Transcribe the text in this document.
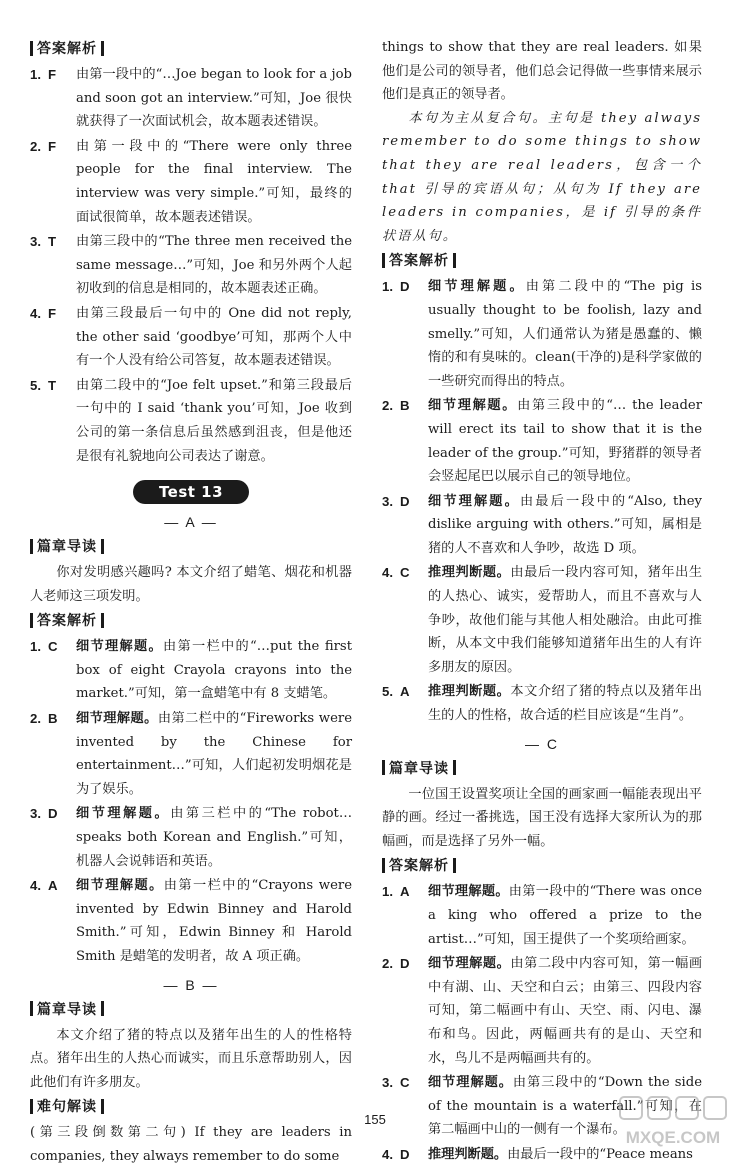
答案解析
1. F	由第一段中的“…Joe began to look for a job and soon got an interview.”可知，Joe 很快就获得了一次面试机会，故本题表述错误。
2. F	由第一段中的“There were only three people for the final interview. The interview was very simple.”可知，最终的面试很简单，故本题表述错误。
3. T	由第三段中的“The three men received the same message…”可知，Joe 和另外两个人起初收到的信息是相同的，故本题表述正确。
4. F	由第三段最后一句中的 One did not reply, the other said ‘goodbye’可知，那两个人中有一个人没有给公司答复，故本题表述错误。
5. T	由第二段中的“Joe felt upset.”和第三段最后一句中的 I said ‘thank you’可知，Joe 收到公司的第一条信息后虽然感到沮丧，但是他还是很有礼貌地向公司表达了谢意。
Test 13
— A —
篇章导读

你对发明感兴趣吗? 本文介绍了蜡笔、烟花和机器人老师这三项发明。

答案解析
1. C	细节理解题。由第一栏中的“…put the first box of eight Crayola crayons into the market.”可知，第一盒蜡笔中有 8 支蜡笔。
2. B	细节理解题。由第二栏中的“Fireworks were invented by the Chinese for entertainment…”可知，人们起初发明烟花是为了娱乐。
3. D	细节理解题。由第三栏中的“The robot… speaks both Korean and English.”可知，机器人会说韩语和英语。
4. A	细节理解题。由第一栏中的“Crayons were invented by Edwin Binney and Harold Smith.”可知，Edwin Binney 和 Harold Smith 是蜡笔的发明者，故 A 项正确。
— B —
篇章导读

本文介绍了猪的特点以及猪年出生的人的性格特点。猪年出生的人热心而诚实，而且乐意帮助别人，因此他们有许多朋友。

难句解读

(第三段倒数第二句) If they are leaders in companies, they always remember to do some

things to show that they are real leaders. 如果他们是公司的领导者，他们总会记得做一些事情来展示他们是真正的领导者。

本句为主从复合句。主句是 they always remember to do some things to show that they are real leaders，包含一个 that 引导的宾语从句；从句为 If they are leaders in companies，是 if 引导的条件状语从句。

答案解析
1. D	细节理解题。由第二段中的“The pig is usually thought to be foolish, lazy and smelly.”可知，人们通常认为猪是愚蠢的、懒惰的和有臭味的。clean(干净的)是科学家做的一些研究而得出的特点。
2. B	细节理解题。由第三段中的“… the leader will erect its tail to show that it is the leader of the group.”可知，野猪群的领导者会竖起尾巴以展示自己的领导地位。
3. D	细节理解题。由最后一段中的“Also, they dislike arguing with others.”可知，属相是猪的人不喜欢和人争吵，故选 D 项。
4. C	推理判断题。由最后一段内容可知，猪年出生的人热心、诚实，爱帮助人，而且不喜欢与人争吵，故他们能与其他人相处融洽。由此可推断，从本文中我们能够知道猪年出生的人有许多朋友的原因。
5. A	推理判断题。本文介绍了猪的特点以及猪年出生的人的性格，故合适的栏目应该是“生肖”。
— C
篇章导读

一位国王设置奖项让全国的画家画一幅能表现出平静的画。经过一番挑选，国王没有选择大家所认为的那幅画，而是选择了另外一幅。

答案解析
1. A	细节理解题。由第一段中的“There was once a king who offered a prize to the artist…”可知，国王提供了一个奖项给画家。
2. D	细节理解题。由第二段中内容可知，第一幅画中有湖、山、天空和白云；由第三、四段内容可知，第二幅画中有山、天空、雨、闪电、瀑布和鸟。因此，两幅画共有的是山、天空和水，鸟儿不是两幅画共有的。
3. C	细节理解题。由第三段中的“Down the side of the mountain is a waterfall.”可知，在第二幅画中山的一侧有一个瀑布。
4. D	推理判断题。由最后一段中的“Peace means
155
MXQE.COM
